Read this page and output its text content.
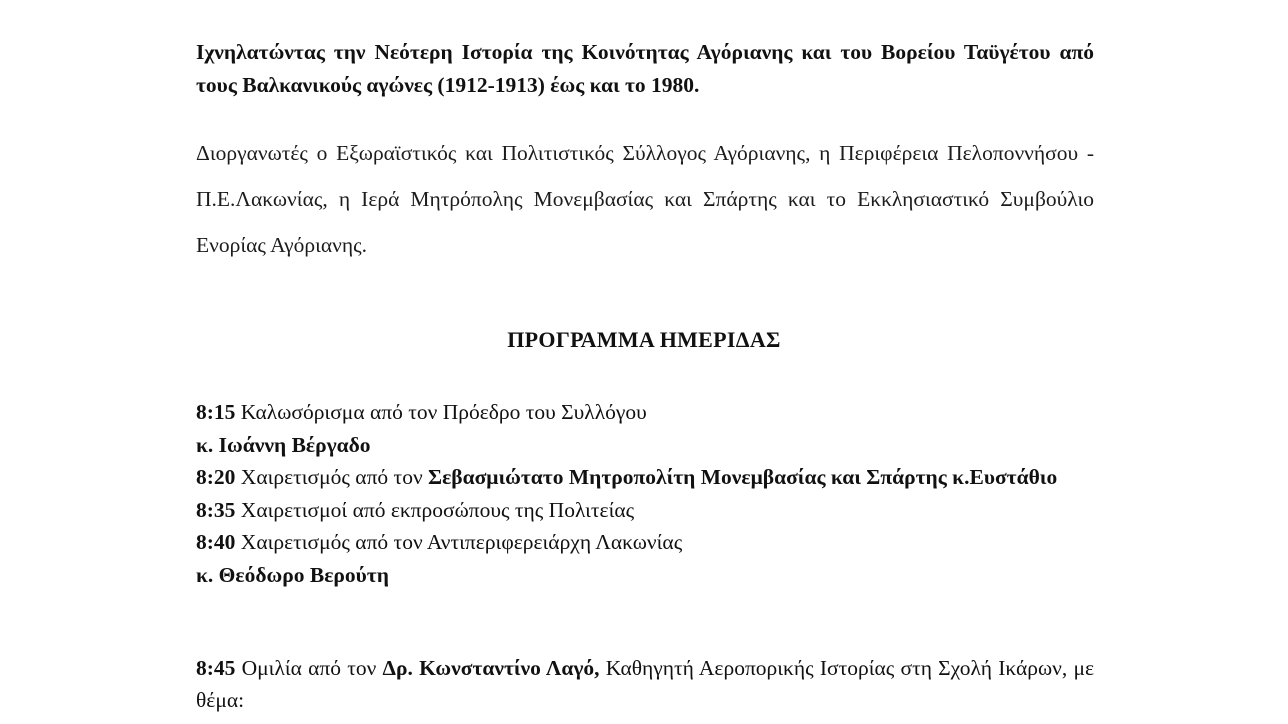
Ιχνηλατώντας την Νεότερη Ιστορία της Κοινότητας Αγόριανης και του Βορείου Ταϋγέτου από τους Βαλκανικούς αγώνες (1912-1913) έως και το 1980.
Διοργανωτές ο Εξωραϊστικός και Πολιτιστικός Σύλλογος Αγόριανης, η Περιφέρεια Πελοποννήσου - Π.Ε.Λακωνίας, η Ιερά Μητρόπολης Μονεμβασίας και Σπάρτης και το Εκκλησιαστικό Συμβούλιο Ενορίας Αγόριανης.
ΠΡΟΓΡΑΜΜΑ ΗΜΕΡΙΔΑΣ
8:15 Καλωσόρισμα από τον Πρόεδρο του Συλλόγου
κ. Ιωάννη Βέργαδο
8:20 Χαιρετισμός από τον Σεβασμιώτατο Μητροπολίτη Μονεμβασίας και Σπάρτης κ.Ευστάθιο
8:35 Χαιρετισμοί από εκπροσώπους της Πολιτείας
8:40 Χαιρετισμός από τον Αντιπεριφερειάρχη Λακωνίας
κ. Θεόδωρο Βερούτη
8:45 Ομιλία από τον Δρ. Κωνσταντίνο Λαγό, Καθηγητή Αεροπορικής Ιστορίας στη Σχολή Ικάρων, με θέμα:
